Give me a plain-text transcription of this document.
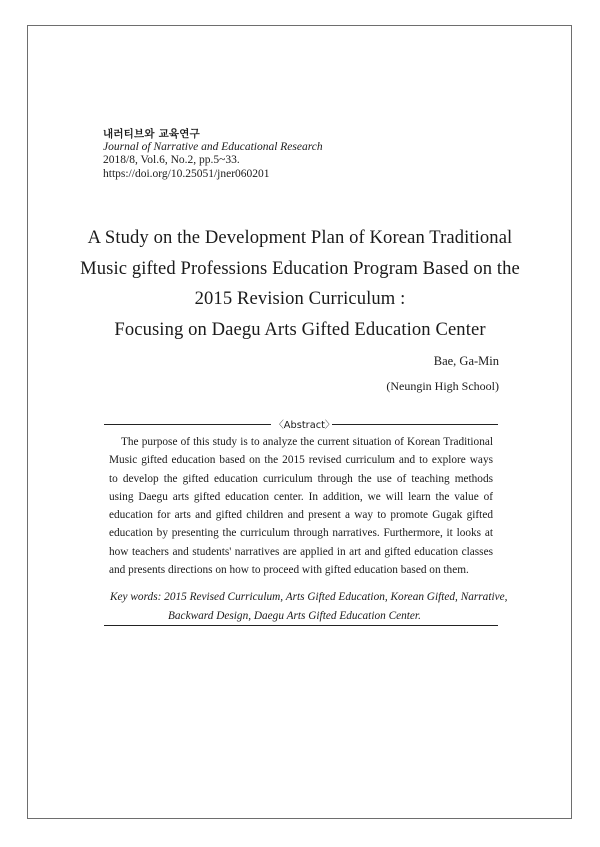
내러티브와 교육연구
Journal of Narrative and Educational Research
2018/8, Vol.6, No.2, pp.5~33.
https://doi.org/10.25051/jner060201
A Study on the Development Plan of Korean Traditional
Music gifted Professions Education Program Based on the
2015 Revision Curriculum :
Focusing on Daegu Arts Gifted Education Center
Bae, Ga-Min
(Neungin High School)
〈Abstract〉
The purpose of this study is to analyze the current situation of Korean Traditional
Music gifted education based on the 2015 revised curriculum and to explore ways
to develop the gifted education curriculum through the use of teaching methods
using Daegu arts gifted education center. In addition, we will learn the value of
education for arts and gifted children and present a way to promote Gugak gifted
education by presenting the curriculum through narratives. Furthermore, it looks at
how teachers and students' narratives are applied in art and gifted education classes
and presents directions on how to proceed with gifted education based on them.
Key words: 2015 Revised Curriculum, Arts Gifted Education, Korean Gifted, Narrative,
Backward Design, Daegu Arts Gifted Education Center.
